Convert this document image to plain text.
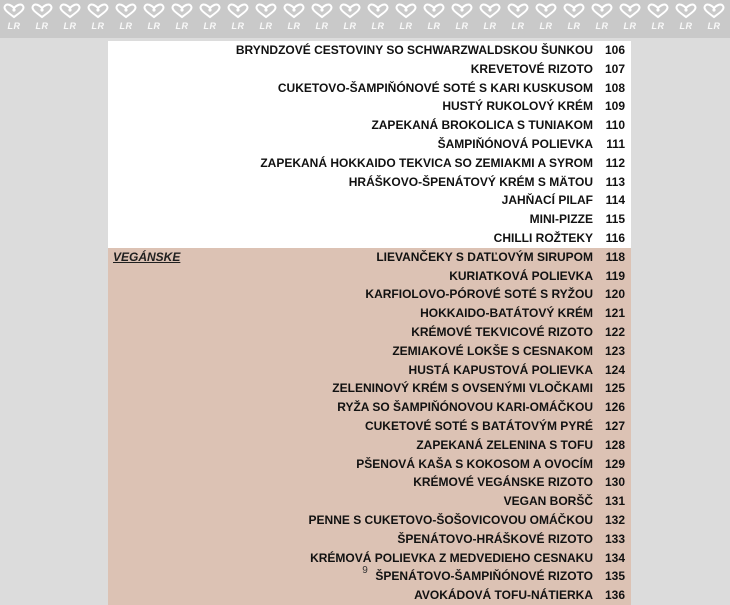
LR LR LR LR LR LR LR LR LR LR LR LR LR LR LR LR LR LR LR LR LR LR LR LR LR LR
BRYNDZOVÉ CESTOVINY SO SCHWARZWALDSKOU ŠUNKOU 106
KREVETOVÉ RIZOTO 107
CUKETOVO-ŠAMPIŇÓNOVÉ SOTÉ S KARI KUSKUSOM 108
HUSTÝ RUKOLOVÝ KRÉM 109
ZAPEKANÁ BROKOLICA S TUNIAKOM 110
ŠAMPIŇÓNOVÁ POLIEVKA 111
ZAPEKANÁ HOKKAIDO TEKVICA SO ZEMIAKMI A SYROM 112
HRÁŠKOVO-ŠPENÁTOVÝ KRÉM S MÄTOU 113
JAHŇACÍ PILAF 114
MINI-PIZZE 115
CHILLI ROŽTEKY 116
VEGÁNSKE	LIEVANČEKY S DATĽOVÝM SIRUPOM 118
KURIATKOVÁ POLIEVKA 119
KARFIOLOVO-PÓROVÉ SOTÉ S RYŽOU 120
HOKKAIDO-BATÁTOVÝ KRÉM 121
KRÉMOVÉ TEKVICOVÉ RIZOTO 122
ZEMIAKOVÉ LOKŠE S CESNAKOM 123
HUSTÁ KAPUSTOVÁ POLIEVKA 124
ZELENINOVÝ KRÉM S OVSENÝMI VLOČKAMI 125
RYŽA SO ŠAMPIŇÓNOVOU KARI-OMÁČKOU 126
CUKETOVÉ SOTÉ S BATÁTOVÝM PYRÉ 127
ZAPEKANÁ ZELENINA S TOFU 128
PŠENOVÁ KAŠA S KOKOSOM A OVOCÍM 129
KRÉMOVÉ VEGÁNSKE RIZOTO 130
VEGAN BORŠČ 131
PENNE S CUKETOVO-ŠOŠOVICOVOU OMÁČKOU 132
ŠPENÁTOVO-HRÁŠKOVÉ RIZOTO 133
KRÉMOVÁ POLIEVKA Z MEDVEDIEHO CESNAKU 134
ŠPENÁTOVO-ŠAMPIŇÓNOVÉ RIZOTO 135
AVOKÁDOVÁ TOFU-NÁTIERKA 136
9
